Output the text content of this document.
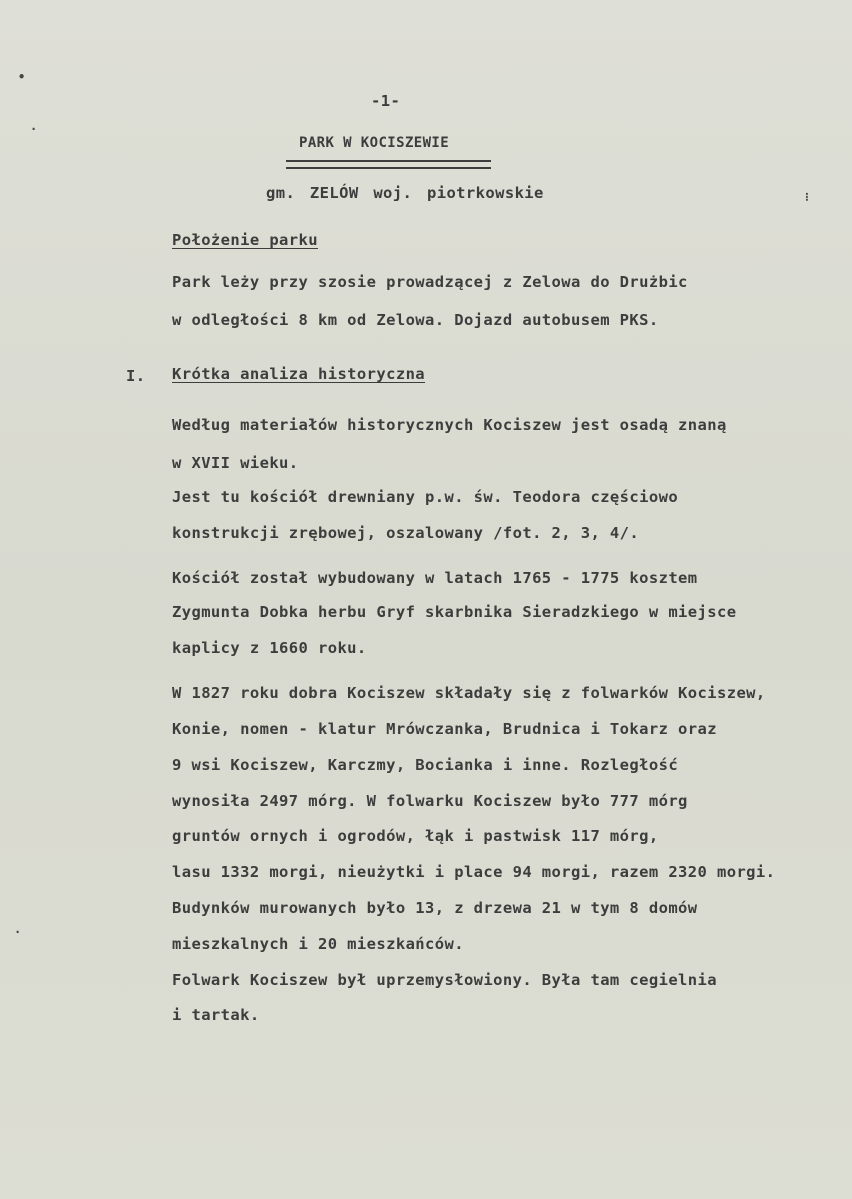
•
·
⁝
·
-1-
PARK W KOCISZEWIE
gm. ZELÓW woj. piotrkowskie
Położenie parku
Park leży przy szosie prowadzącej z Zelowa do Drużbic
w odległości 8 km od Zelowa. Dojazd autobusem PKS.
I. Krótka analiza historyczna
Według materiałów historycznych Kociszew jest osadą znaną
w XVII wieku.
Jest tu kościół drewniany p.w. św. Teodora częściowo
konstrukcji zrębowej, oszalowany /fot. 2, 3, 4/.
Kościół został wybudowany w latach 1765 - 1775 kosztem
Zygmunta Dobka herbu Gryf skarbnika Sieradzkiego w miejsce
kaplicy z 1660 roku.
W 1827 roku dobra Kociszew składały się z folwarków Kociszew,
Konie, nomen - klatur Mrówczanka, Brudnica i Tokarz oraz
9 wsi Kociszew, Karczmy, Bocianka i inne. Rozległość
wynosiła 2497 mórg. W folwarku Kociszew było 777 mórg
gruntów ornych i ogrodów, łąk i pastwisk 117 mórg,
lasu 1332 morgi, nieużytki i place 94 morgi, razem 2320 morgi.
Budynków murowanych było 13, z drzewa 21 w tym 8 domów
mieszkalnych i 20 mieszkańców.
Folwark Kociszew był uprzemysłowiony. Była tam cegielnia
i tartak.
